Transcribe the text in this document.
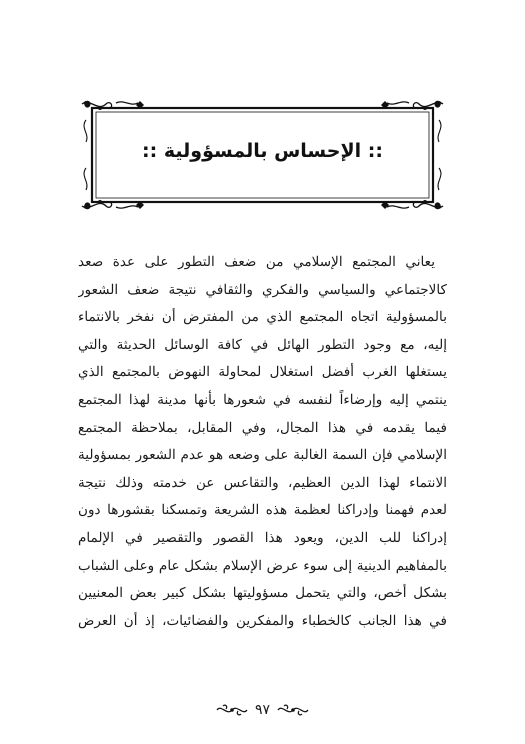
:: الإحساس بالمسؤولية ::
يعاني المجتمع الإسلامي من ضعف التطور على عدة صعد
كالاجتماعي والسياسي والفكري والثقافي نتيجة ضعف الشعور
بالمسؤولية اتجاه المجتمع الذي من المفترض أن نفخر بالانتماء
إليه، مع وجود التطور الهائل في كافة الوسائل الحديثة والتي
يستغلها الغرب أفضل استغلال لمحاولة النهوض بالمجتمع الذي
ينتمي إليه وإرضاءاً لنفسه في شعورها بأنها مدينة لهذا المجتمع
فيما يقدمه في هذا المجال، وفي المقابل، بملاحظة المجتمع
الإسلامي فإن السمة الغالبة على وضعه هو عدم الشعور بمسؤولية
الانتماء لهذا الدين العظيم، والتقاعس عن خدمته وذلك نتيجة
لعدم فهمنا وإدراكنا لعظمة هذه الشريعة وتمسكنا بقشورها دون
إدراكنا للب الدين، ويعود هذا القصور والتقصير في الإلمام
بالمفاهيم الدينية إلى سوء عرض الإسلام بشكل عام وعلى الشباب
بشكل أخص، والتي يتحمل مسؤوليتها بشكل كبير بعض المعنيين
في هذا الجانب كالخطباء والمفكرين والفضائيات، إذ أن العرض
٩٧
